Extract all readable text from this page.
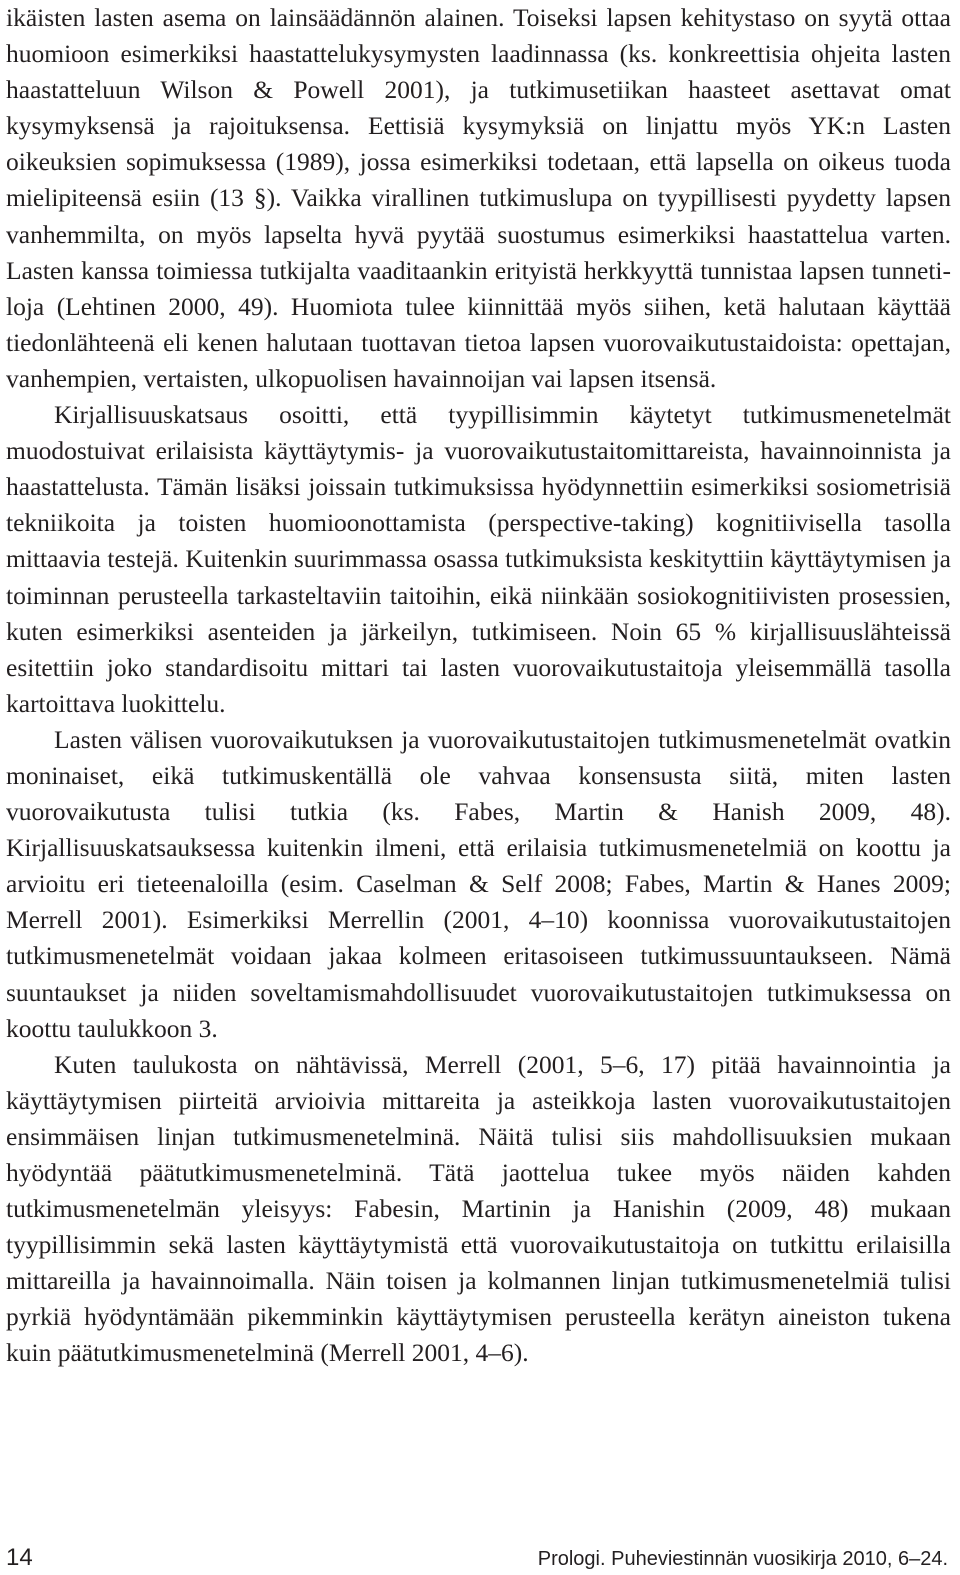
ikäisten lasten asema on lainsäädännön alainen. Toiseksi lapsen kehitystaso on syytä ottaa huomioon esimerkiksi haastattelukysymysten laadinnassa (ks. konkreettisia ohjeita lasten haastatteluun Wilson & Powell 2001), ja tutkimusetiikan haasteet asettavat omat kysymyksensä ja rajoituksensa. Eettisiä kysymyksiä on linjattu myös YK:n Lasten oikeuksien sopimuksessa (1989), jossa esimerkiksi todetaan, että lapsella on oikeus tuoda mielipiteensä esiin (13 §). Vaikka virallinen tutkimuslupa on tyypillisesti pyydetty lapsen vanhemmilta, on myös lapselta hyvä pyytää suostumus esimerkiksi haastattelua varten. Lasten kanssa toimiessa tutkijalta vaaditaankin erityistä herkkyyttä tunnistaa lapsen tunnetiloja (Lehtinen 2000, 49). Huomiota tulee kiinnittää myös siihen, ketä halutaan käyttää tiedonlähteenä eli kenen halutaan tuottavan tietoa lapsen vuorovaikutustaidoista: opettajan, vanhempien, vertaisten, ulkopuolisen havainnoijan vai lapsen itsensä.

Kirjallisuuskatsaus osoitti, että tyypillisimmin käytetyt tutkimusmenetelmät muodostuivat erilaisista käyttäytymis- ja vuorovaikutustaitomittareista, havainnoinnista ja haastattelusta. Tämän lisäksi joissain tutkimuksissa hyödynnettiin esimerkiksi sosiometrisiä tekniikoita ja toisten huomioonottamista (perspective-taking) kognitiivisella tasolla mittaavia testejä. Kuitenkin suurimmassa osassa tutkimuksista keskityttiin käyttäytymisen ja toiminnan perusteella tarkasteltaviin taitoihin, eikä niinkään sosiokognitiivisten prosessien, kuten esimerkiksi asenteiden ja järkeilyn, tutkimiseen. Noin 65 % kirjallisuuslähteissä esitettiin joko standardisoitu mittari tai lasten vuorovaikutustaitoja yleisemmällä tasolla kartoittava luokittelu.

Lasten välisen vuorovaikutuksen ja vuorovaikutustaitojen tutkimusmenetelmät ovatkin moninaiset, eikä tutkimuskentällä ole vahvaa konsensusta siitä, miten lasten vuorovaikutusta tulisi tutkia (ks. Fabes, Martin & Hanish 2009, 48). Kirjallisuuskatsauksessa kuitenkin ilmeni, että erilaisia tutkimusmenetelmiä on koottu ja arvioitu eri tieteenaloilla (esim. Caselman & Self 2008; Fabes, Martin & Hanes 2009; Merrell 2001). Esimerkiksi Merrellin (2001, 4–10) koonnissa vuorovaikutustaitojen tutkimusmenetelmät voidaan jakaa kolmeen eritasoiseen tutkimussuuntaukseen. Nämä suuntaukset ja niiden soveltamismahdollisuudet vuorovaikutustaitojen tutkimuksessa on koottu taulukkoon 3.

Kuten taulukosta on nähtävissä, Merrell (2001, 5–6, 17) pitää havainnointia ja käyttäytymisen piirteitä arvioivia mittareita ja asteikkoja lasten vuorovaikutustaitojen ensimmäisen linjan tutkimusmenetelminä. Näitä tulisi siis mahdollisuuksien mukaan hyödyntää päätutkimusmenetelminä. Tätä jaottelua tukee myös näiden kahden tutkimusmenetelmän yleisyys: Fabesin, Martinin ja Hanishin (2009, 48) mukaan tyypillisimmin sekä lasten käyttäytymistä että vuorovaikutustaitoja on tutkittu erilaisilla mittareilla ja havainnoimalla. Näin toisen ja kolmannen linjan tutkimusmenetelmiä tulisi pyrkiä hyödyntämään pikemminkin käyttäytymisen perusteella kerätyn aineiston tukena kuin päätutkimusmenetelminä (Merrell 2001, 4–6).

14	Prologi. Puheviestinnän vuosikirja 2010, 6–24.
